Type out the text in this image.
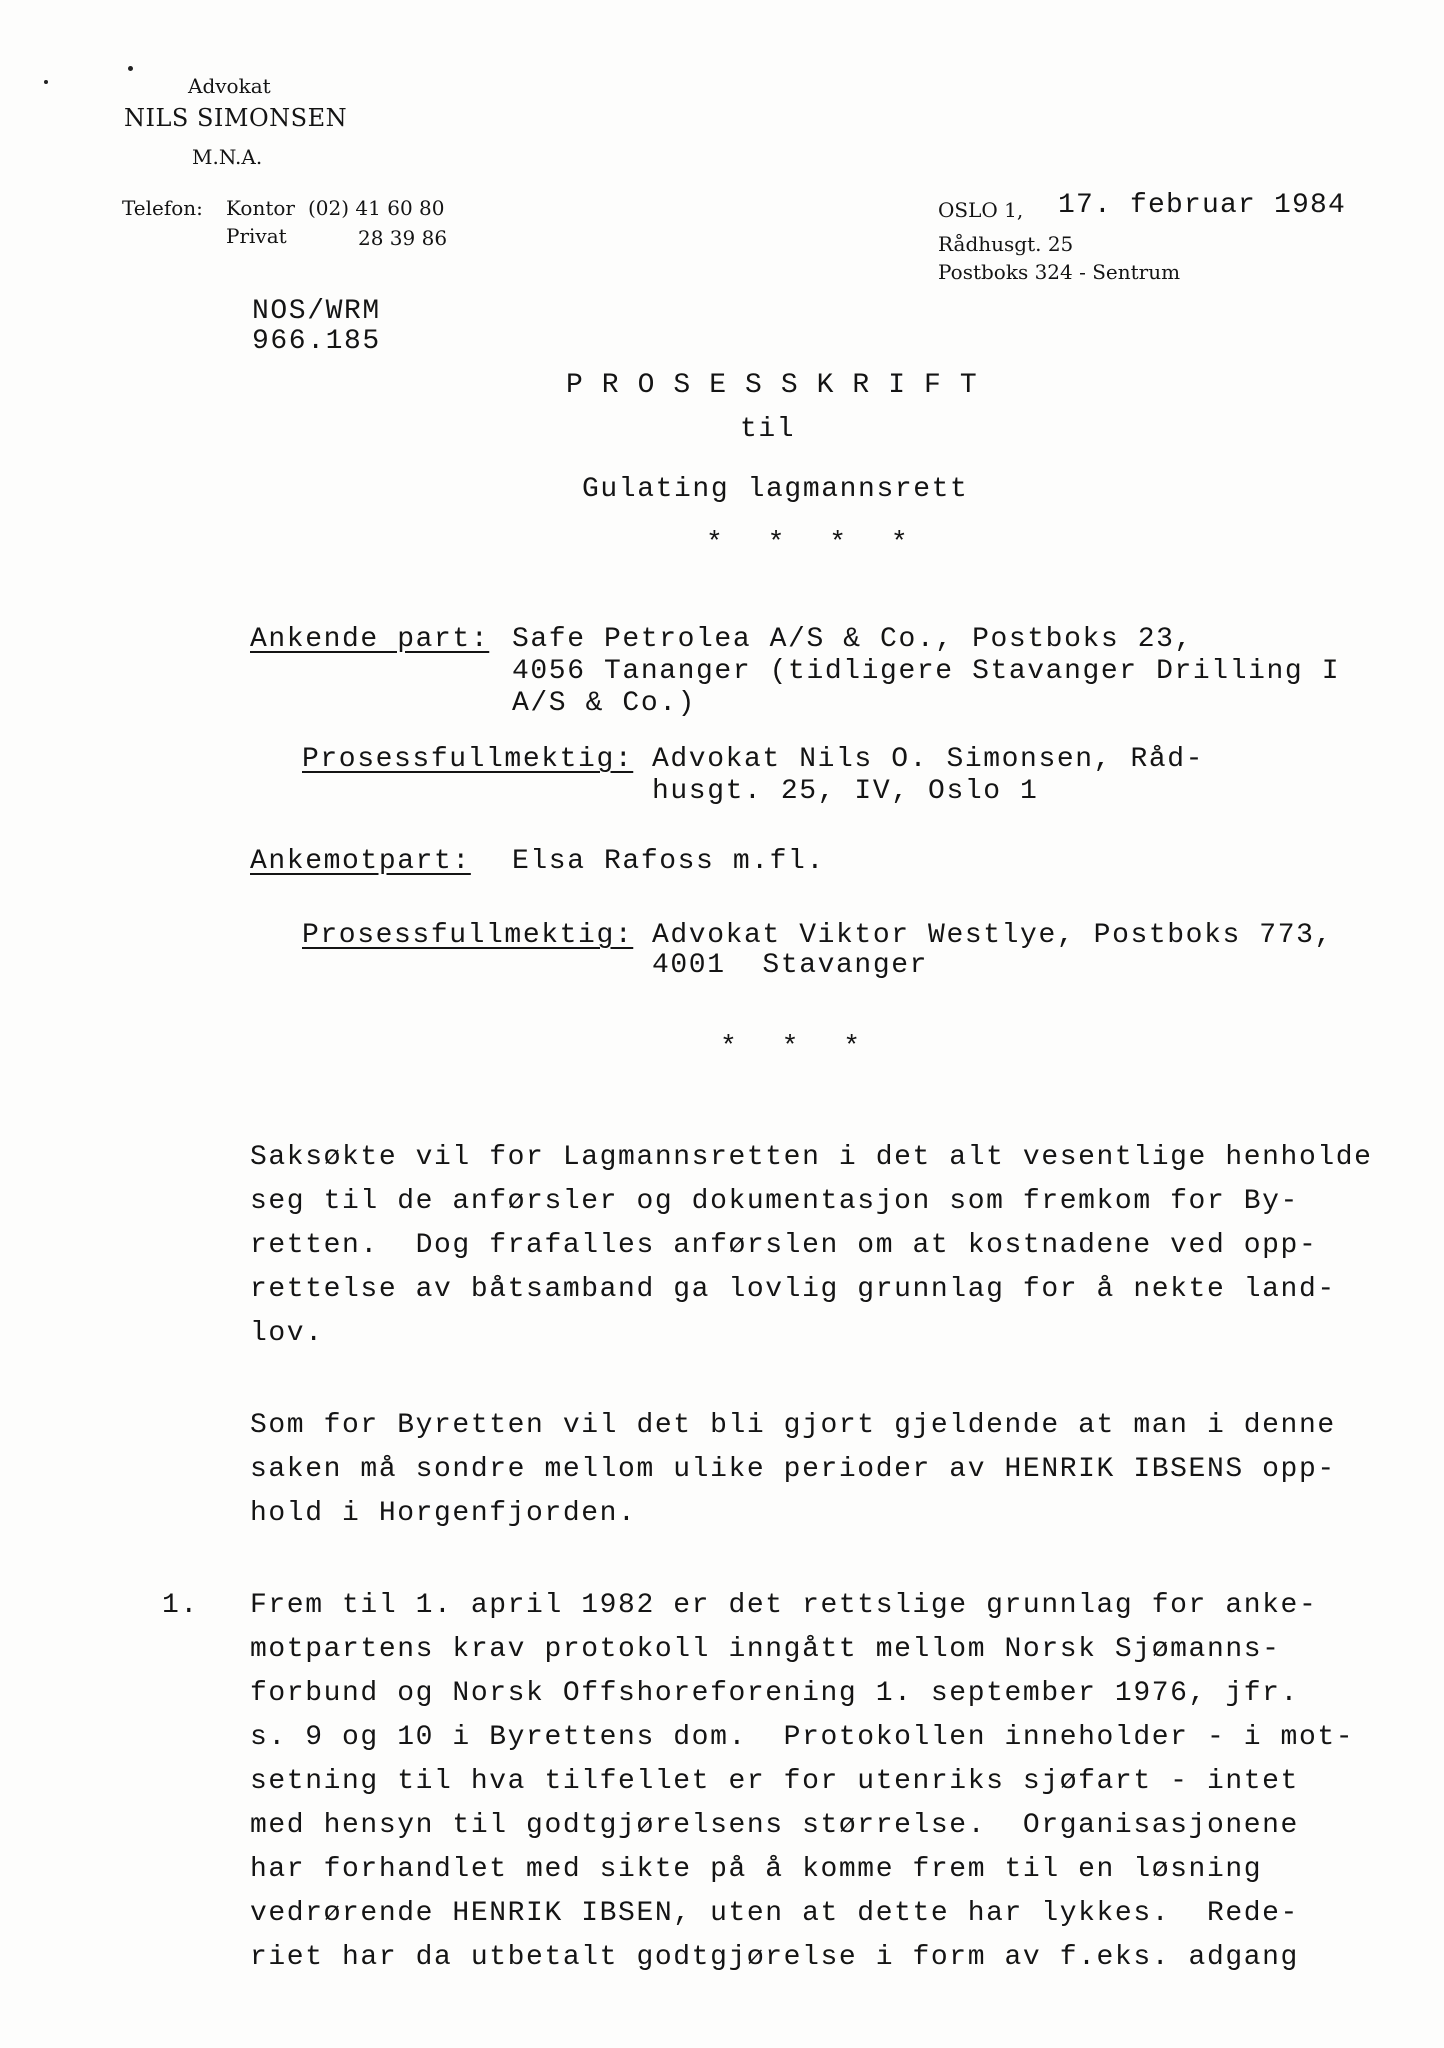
Advokat
NILS SIMONSEN
M.N.A.
Telefon: Kontor (02) 41 60 80
Privat	28 39 86
OSLO 1, 17. februar 1984
Rådhusgt. 25
Postboks 324 - Sentrum
NOS/WRM
966.185
PROSESSKRIFT
til
Gulating lagmannsrett
* * * *
Ankende part: Safe Petrolea A/S & Co., Postboks 23,
4056 Tananger (tidligere Stavanger Drilling I
A/S & Co.)
Prosessfullmektig: Advokat Nils O. Simonsen, Råd-
husgt. 25, IV, Oslo 1
Ankemotpart: Elsa Rafoss m.fl.
Prosessfullmektig: Advokat Viktor Westlye, Postboks 773,
4001  Stavanger
* * *
Saksøkte vil for Lagmannsretten i det alt vesentlige henholde
seg til de anførsler og dokumentasjon som fremkom for By-
retten.  Dog frafalles anførslen om at kostnadene ved opp-
rettelse av båtsamband ga lovlig grunnlag for å nekte land-
lov.
Som for Byretten vil det bli gjort gjeldende at man i denne
saken må sondre mellom ulike perioder av HENRIK IBSENS opp-
hold i Horgenfjorden.
1. Frem til 1. april 1982 er det rettslige grunnlag for anke-
motpartens krav protokoll inngått mellom Norsk Sjømanns-
forbund og Norsk Offshoreforening 1. september 1976, jfr.
s. 9 og 10 i Byrettens dom.  Protokollen inneholder - i mot-
setning til hva tilfellet er for utenriks sjøfart - intet
med hensyn til godtgjørelsens størrelse.  Organisasjonene
har forhandlet med sikte på å komme frem til en løsning
vedrørende HENRIK IBSEN, uten at dette har lykkes.  Rede-
riet har da utbetalt godtgjørelse i form av f.eks. adgang
